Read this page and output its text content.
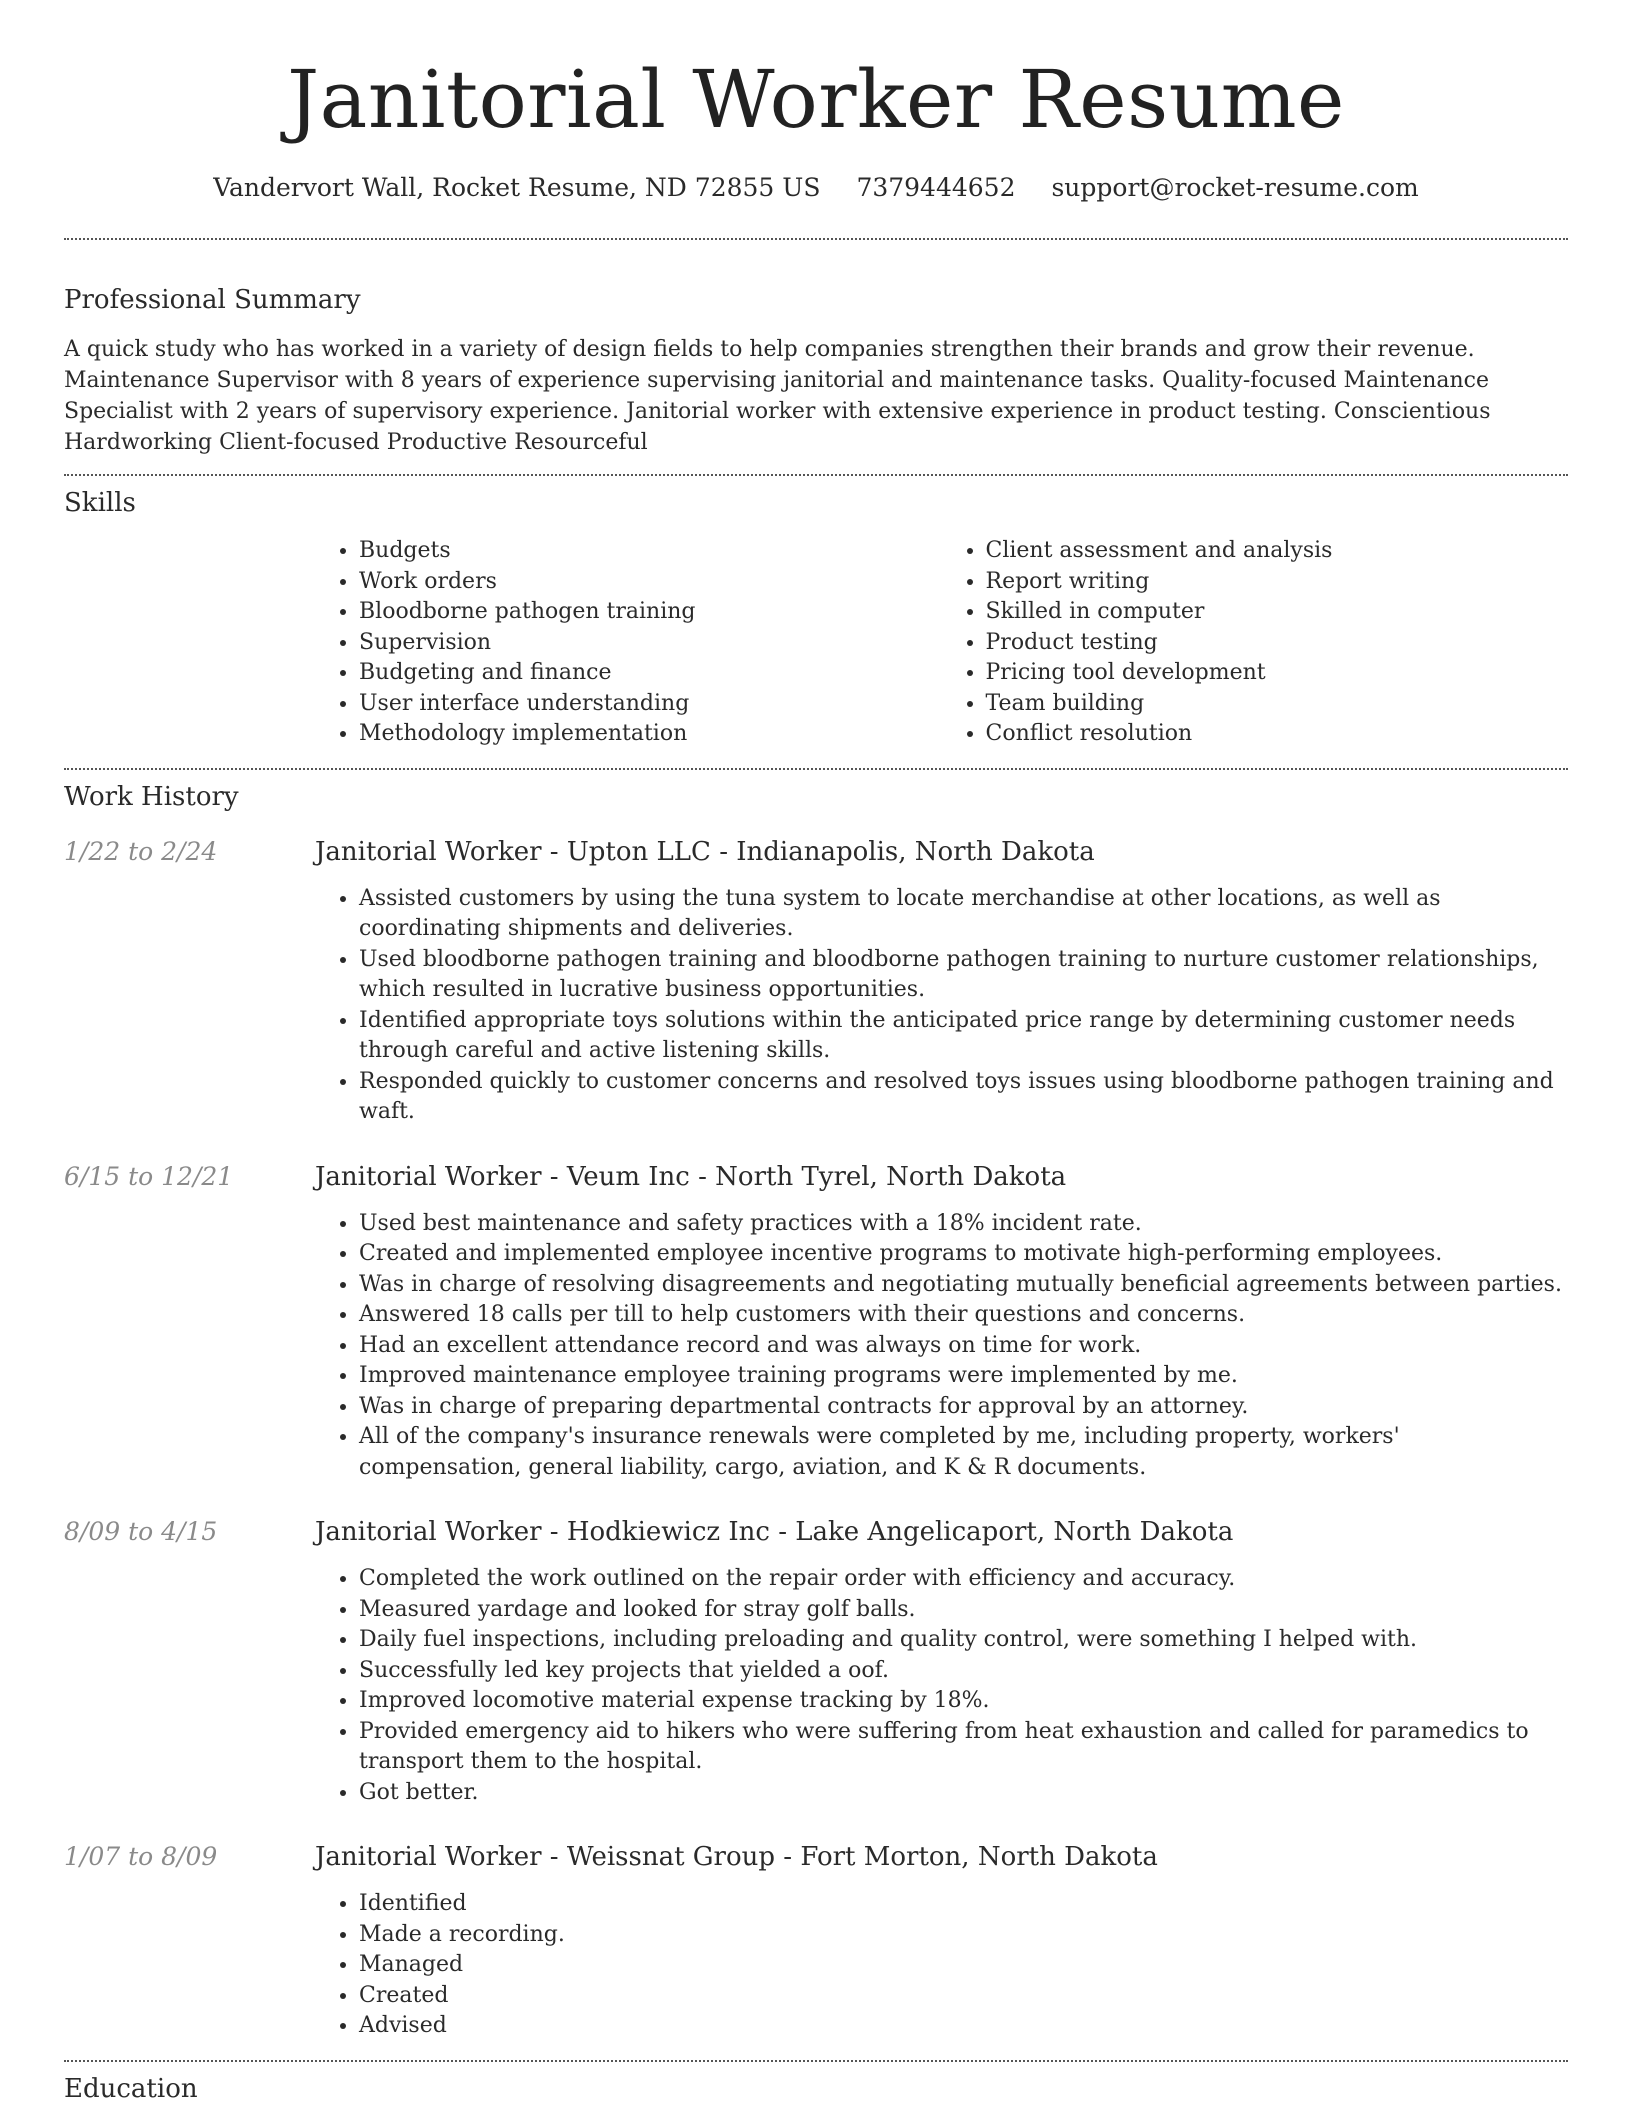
Janitorial Worker Resume
Vandervort Wall, Rocket Resume, ND 72855 US 7379444652 support@rocket-resume.com
Professional Summary

A quick study who has worked in a variety of design fields to help companies strengthen their brands and grow their revenue. Maintenance Supervisor with 8 years of experience supervising janitorial and maintenance tasks. Quality-focused Maintenance Specialist with 2 years of supervisory experience. Janitorial worker with extensive experience in product testing. Conscientious Hardworking Client-focused Productive Resourceful

Skills
• Budgets
• Work orders
• Bloodborne pathogen training
• Supervision
• Budgeting and finance
• User interface understanding
• Methodology implementation
• Client assessment and analysis
• Report writing
• Skilled in computer
• Product testing
• Pricing tool development
• Team building
• Conflict resolution
Work History
1/22 to 2/24	Janitorial Worker - Upton LLC - Indianapolis, North Dakota
• Assisted customers by using the tuna system to locate merchandise at other locations, as well as coordinating shipments and deliveries.
• Used bloodborne pathogen training and bloodborne pathogen training to nurture customer relationships, which resulted in lucrative business opportunities.
• Identified appropriate toys solutions within the anticipated price range by determining customer needs through careful and active listening skills.
• Responded quickly to customer concerns and resolved toys issues using bloodborne pathogen training and waft.
6/15 to 12/21	Janitorial Worker - Veum Inc - North Tyrel, North Dakota
• Used best maintenance and safety practices with a 18% incident rate.
• Created and implemented employee incentive programs to motivate high-performing employees.
• Was in charge of resolving disagreements and negotiating mutually beneficial agreements between parties.
• Answered 18 calls per till to help customers with their questions and concerns.
• Had an excellent attendance record and was always on time for work.
• Improved maintenance employee training programs were implemented by me.
• Was in charge of preparing departmental contracts for approval by an attorney.
• All of the company's insurance renewals were completed by me, including property, workers' compensation, general liability, cargo, aviation, and K & R documents.
8/09 to 4/15	Janitorial Worker - Hodkiewicz Inc - Lake Angelicaport, North Dakota
• Completed the work outlined on the repair order with efficiency and accuracy.
• Measured yardage and looked for stray golf balls.
• Daily fuel inspections, including preloading and quality control, were something I helped with.
• Successfully led key projects that yielded a oof.
• Improved locomotive material expense tracking by 18%.
• Provided emergency aid to hikers who were suffering from heat exhaustion and called for paramedics to transport them to the hospital.
• Got better.
1/07 to 8/09	Janitorial Worker - Weissnat Group - Fort Morton, North Dakota
• Identified
• Made a recording.
• Managed
• Created
• Advised
Education
